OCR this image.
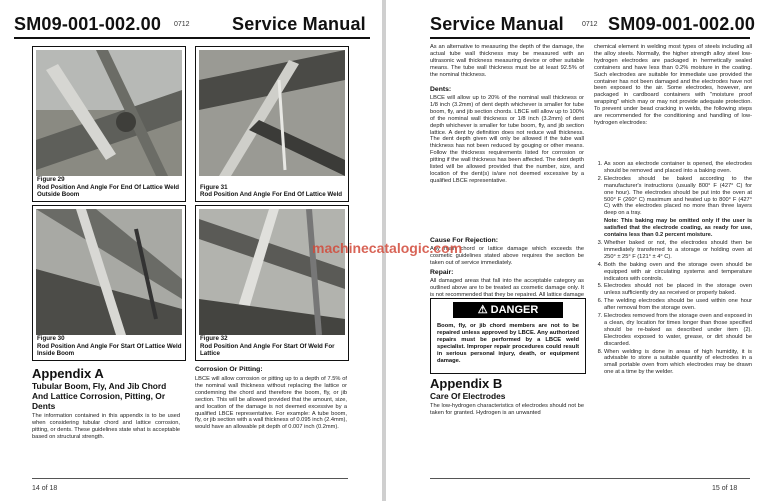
SM09-001-002.00 0712 Service Manual
Figure 29
Rod Position And Angle For End Of Lattice Weld Outside Boom
Figure 31
Rod Position And Angle For End Of Lattice Weld
Figure 30
Rod Position And Angle For Start Of Lattice Weld Inside Boom
Figure 32
Rod Position And Angle For Start Of Weld For Lattice
Appendix A
Tubular Boom, Fly, And Jib Chord And Lattice Corrosion, Pitting, Or Dents
The information contained in this appendix is to be used when considering tubular chord and lattice corrosion, pitting, or dents. These guidelines state what is acceptable based on structural strength.
Corrosion Or Pitting:
LBCE will allow corrosion or pitting up to a depth of 7.5% of the nominal wall thickness without replacing the lattice or condemning the chord and therefore the boom, fly, or jib section. This will be allowed provided that the amount, size, and location of the damage is not deemed excessive by a qualified LBCE representative. For example: A tube boom, fly, or jib section with a wall thickness of 0.095 inch (2.4mm), would have an allowable pit depth of 0.007 inch (0.2mm).
14 of 18
Service Manual	0712 SM09-001-002.00
As an alternative to measuring the depth of the damage, the actual tube wall thickness may be measured with an ultrasonic wall thickness measuring device or other suitable means. The tube wall thickness must be at least 92.5% of the nominal thickness.
Dents:
LBCE will allow up to 20% of the nominal wall thickness or 1/8 inch (3.2mm) of dent depth whichever is smaller for tube boom, fly, and jib section chords. LBCE will allow up to 100% of the nominal wall thickness or 1/8 inch (3.2mm) of dent depth whichever is smaller for tube boom, fly, and jib section lattice. A dent by definition does not reduce wall thickness. The dent depth given will only be allowed if the tube wall thickness has not been reduced by gouging or other means. Follow the thickness requirements listed for corrosion or pitting if the wall thickness has been affected. The dent depth listed will be allowed provided that the number, size, and location of the dent(s) is/are not deemed excessive by a qualified LBCE representative.
Cause For Rejection:
Any main chord or lattice damage which exceeds the cosmetic guidelines stated above requires the section be taken out of service immediately.
Repair:
All damaged areas that fall into the acceptable category as outlined above are to be treated as cosmetic damage only. It is not recommended that they be repaired. All lattice damage
⚠ DANGER
Boom, fly, or jib chord members are not to be repaired unless approved by LBCE. Any authorized repairs must be performed by a LBCE weld specialist. Improper repair procedures could result in serious personal injury, death, or equipment damage.
Appendix B
Care Of Electrodes
The low-hydrogen characteristics of electrodes should not be taken for granted. Hydrogen is an unwanted
chemical element in welding most types of steels including all the alloy steels. Normally, the higher strength alloy steel low-hydrogen electrodes are packaged in hermetically sealed containers and have less than 0.2% moisture in the coating. Such electrodes are suitable for immediate use provided the container has not been damaged and the electrodes have not been exposed to the air. Some electrodes, however, are packaged in cardboard containers with "moisture proof wrapping" which may or may not provide adequate protection. To prevent under bead cracking in welds, the following steps are recommended for the conditioning and handling of low-hydrogen electrodes:
1. As soon as electrode container is opened, the electrodes should be removed and placed into a baking oven.
2. Electrodes should be baked according to the manufacturer's instructions (usually 800° F (427° C) for one hour). The electrodes should be put into the oven at 500° F (260° C) maximum and heated up to 800° F (427° C) with the electrodes placed no more than three layers deep on a tray.
Note: This baking may be omitted only if the user is satisfied that the electrode coating, as ready for use, contains less than 0.2 percent moisture.
3. Whether baked or not, the electrodes should then be immediately transferred to a storage or holding oven at 250° ± 25° F (121° ± 4° C).
4. Both the baking oven and the storage oven should be equipped with air circulating systems and temperature indicators with controls.
5. Electrodes should not be placed in the storage oven unless sufficiently dry as received or properly baked.
6. The welding electrodes should be used within one hour after removal from the storage oven.
7. Electrodes removed from the storage oven and exposed in a clean, dry location for times longer than those specified should be re-baked as described under item (2). Electrodes exposed to water, grease, or dirt should be discarded.
8. When welding is done in areas of high humidity, it is advisable to store a suitable quantity of electrodes in a small portable oven from which electrodes may be drawn one at a time by the welder.
15 of 18
machinecatalogic.com
